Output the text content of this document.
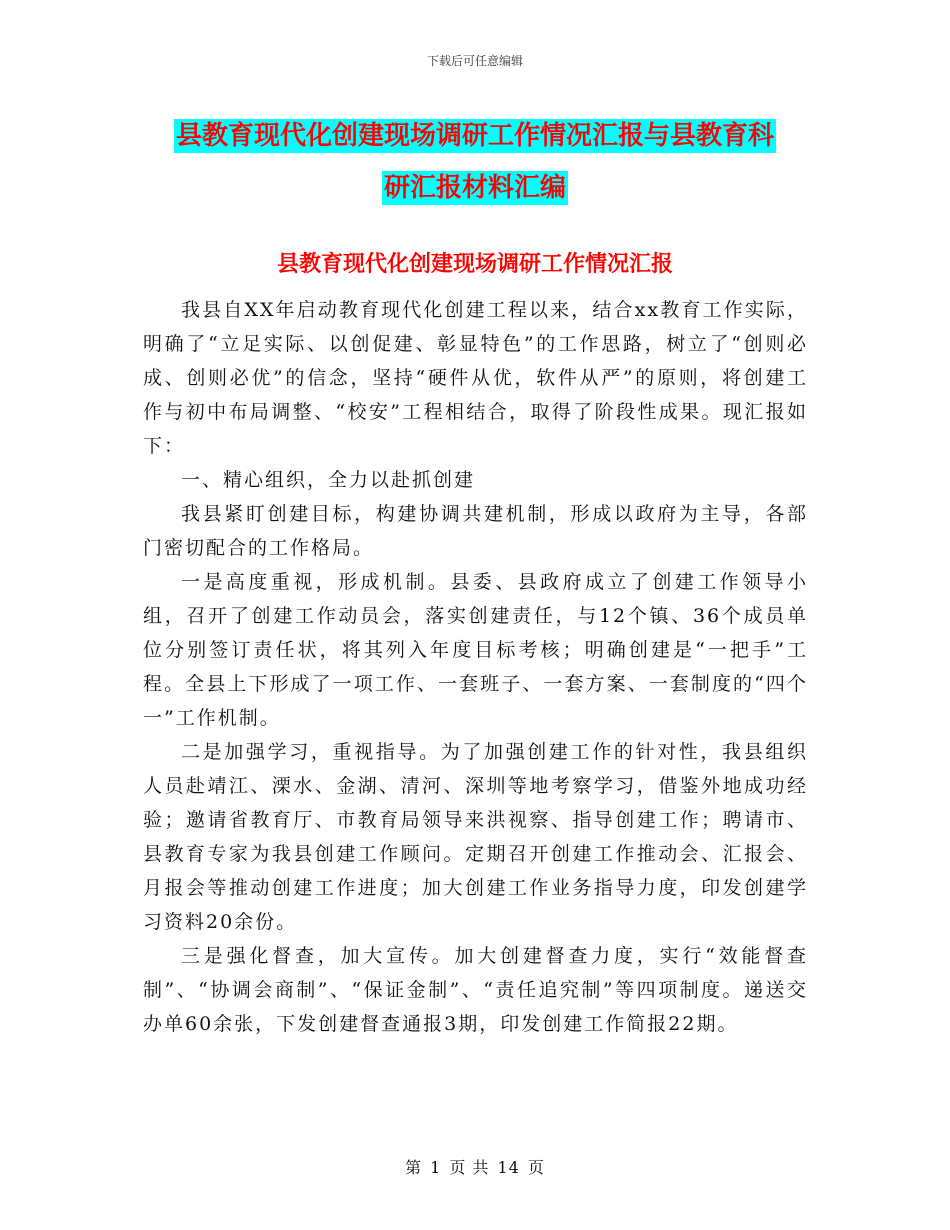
下载后可任意编辑
县教育现代化创建现场调研工作情况汇报与县教育科
研汇报材料汇编
县教育现代化创建现场调研工作情况汇报

我县自XX年启动教育现代化创建工程以来，结合xx教育工作实际，明确了“立足实际、以创促建、彰显特色”的工作思路，树立了“创则必成、创则必优”的信念，坚持“硬件从优，软件从严”的原则，将创建工作与初中布局调整、“校安”工程相结合，取得了阶段性成果。现汇报如下：

一、精心组织，全力以赴抓创建

我县紧盯创建目标，构建协调共建机制，形成以政府为主导，各部门密切配合的工作格局。

一是高度重视，形成机制。县委、县政府成立了创建工作领导小组，召开了创建工作动员会，落实创建责任，与12个镇、36个成员单位分别签订责任状，将其列入年度目标考核；明确创建是“一把手”工程。全县上下形成了一项工作、一套班子、一套方案、一套制度的“四个一”工作机制。

二是加强学习，重视指导。为了加强创建工作的针对性，我县组织人员赴靖江、溧水、金湖、清河、深圳等地考察学习，借鉴外地成功经验；邀请省教育厅、市教育局领导来洪视察、指导创建工作；聘请市、县教育专家为我县创建工作顾问。定期召开创建工作推动会、汇报会、月报会等推动创建工作进度；加大创建工作业务指导力度，印发创建学习资料20余份。

三是强化督查，加大宣传。加大创建督查力度，实行“效能督查制”、“协调会商制”、“保证金制”、“责任追究制”等四项制度。递送交办单60余张，下发创建督查通报3期，印发创建工作简报22期。

第 1 页 共 14 页
